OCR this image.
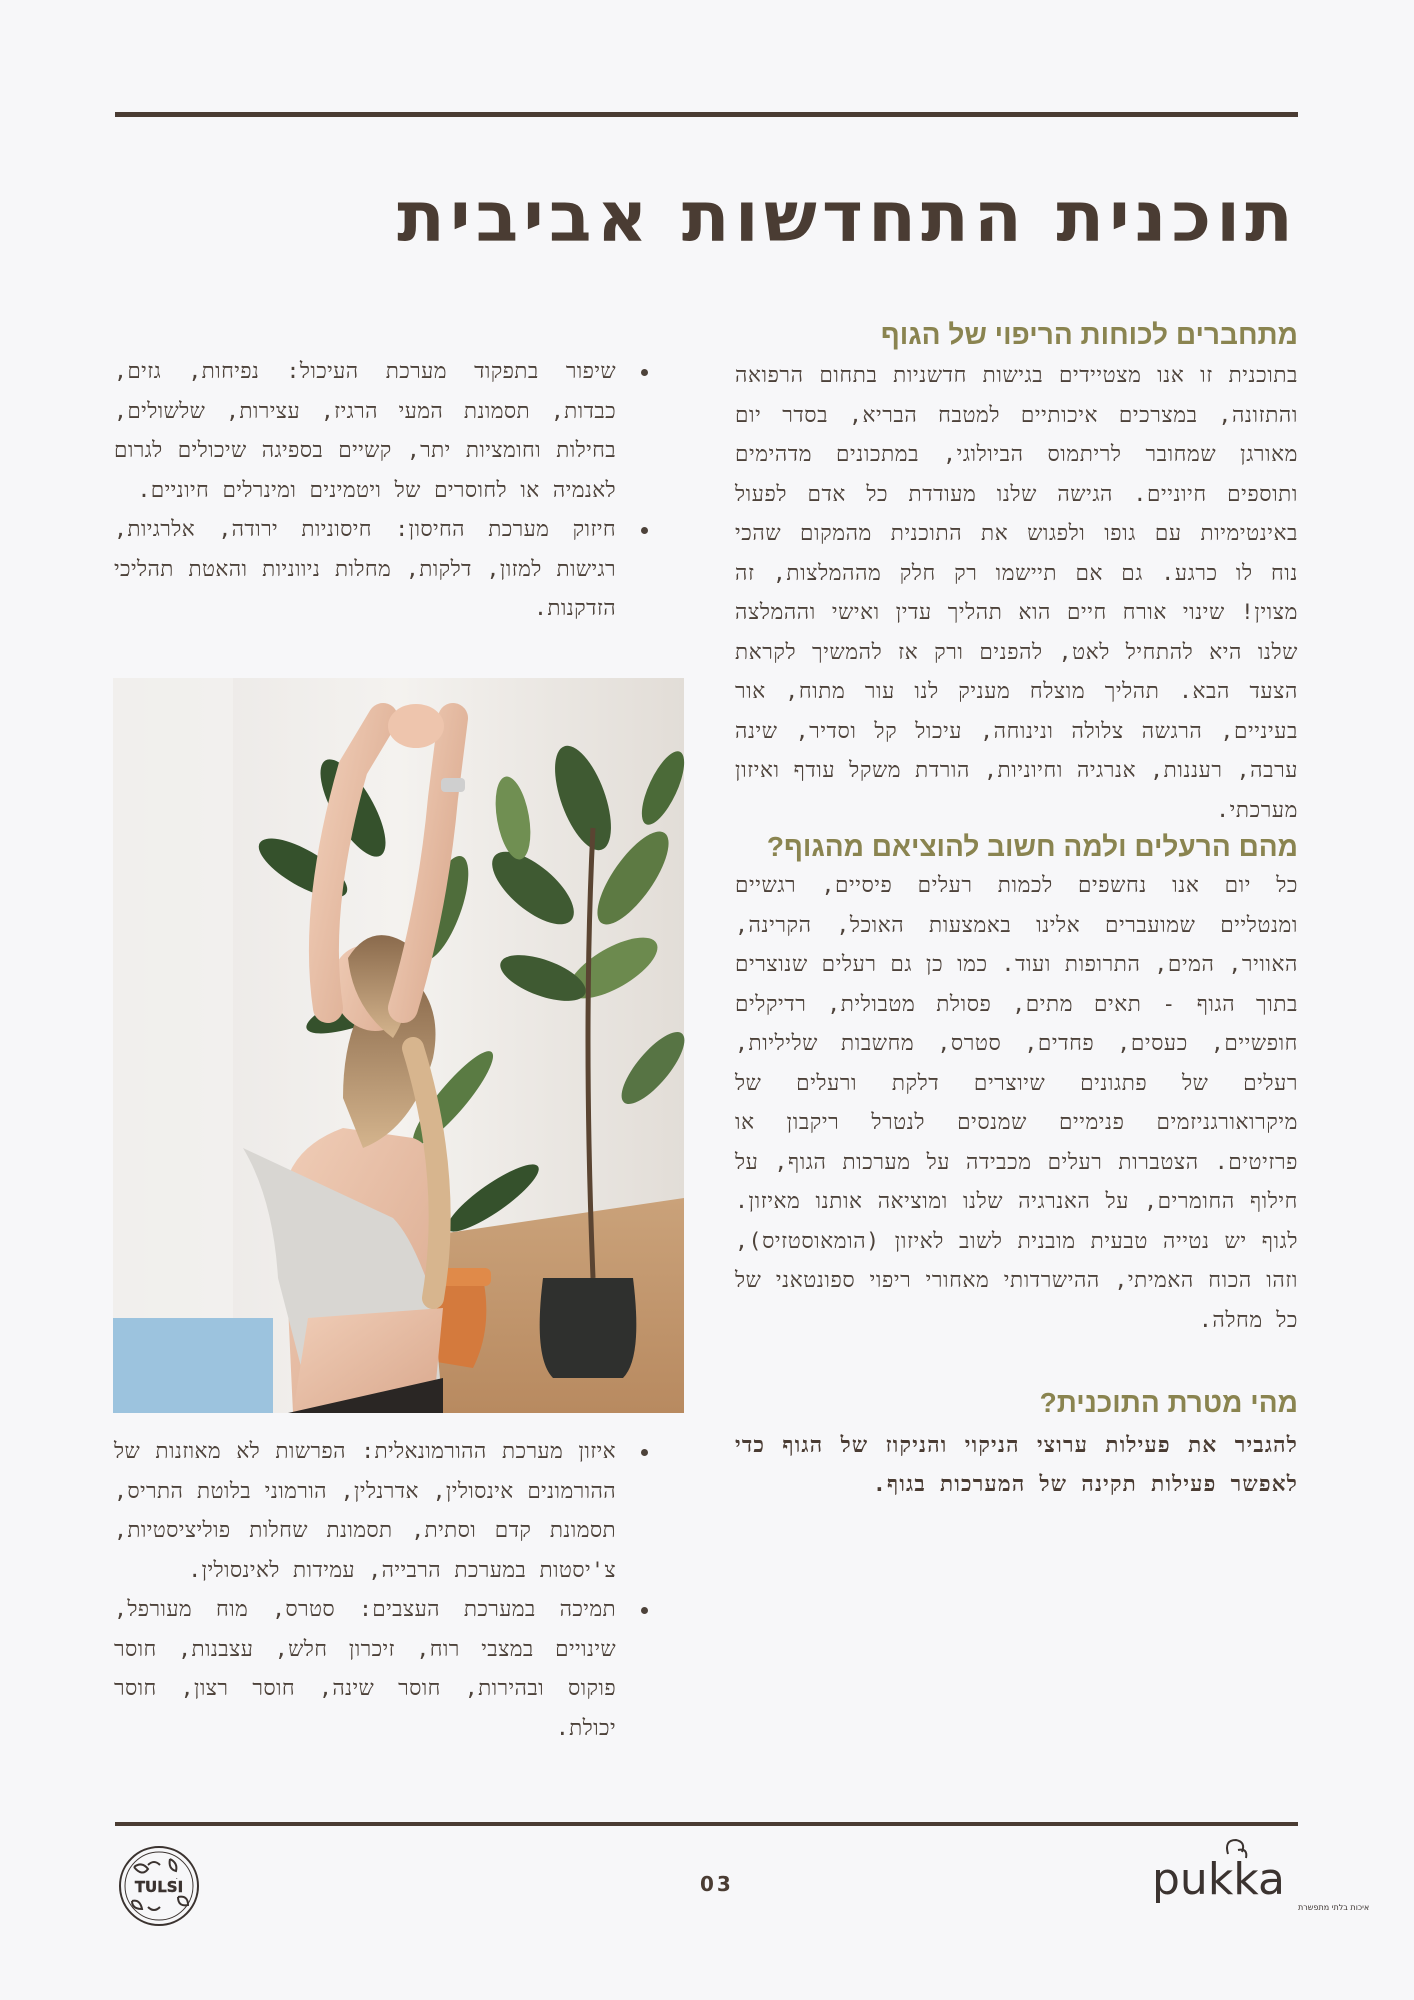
תוכנית התחדשות אביבית
מתחברים לכוחות הריפוי של הגוף

בתוכנית זו אנו מצטיידים בגישות חדשניות בתחום הרפואה והתזונה, במצרכים איכותיים למטבח הבריא, בסדר יום מאורגן שמחובר לריתמוס הביולוגי, במתכונים מדהימים ותוספים חיוניים. הגישה שלנו מעודדת כל אדם לפעול באינטימיות עם גופו ולפגוש את התוכנית מהמקום שהכי נוח לו כרגע. גם אם תיישמו רק חלק מההמלצות, זה מצוין! שינוי אורח חיים הוא תהליך עדין ואישי וההמלצה שלנו היא להתחיל לאט, להפנים ורק אז להמשיך לקראת הצעד הבא. תהליך מוצלח מעניק לנו עור מתוח, אור בעיניים, הרגשה צלולה ונינוחה, עיכול קל וסדיר, שינה ערבה, רעננות, אנרגיה וחיוניות, הורדת משקל עודף ואיזון מערכתי.

מהם הרעלים ולמה חשוב להוציאם מהגוף?

כל יום אנו נחשפים לכמות רעלים פיסיים, רגשיים ומנטליים שמועברים אלינו באמצעות האוכל, הקרינה, האוויר, המים, התרופות ועוד. כמו כן גם רעלים שנוצרים בתוך הגוף - תאים מתים, פסולת מטבולית, רדיקלים חופשיים, כעסים, פחדים, סטרס, מחשבות שליליות, רעלים של פתגונים שיוצרים דלקת ורעלים של מיקרואורגניזמים פנימיים שמנסים לנטרל ריקבון או פרזיטים. הצטברות רעלים מכבידה על מערכות הגוף, על חילוף החומרים, על האנרגיה שלנו ומוציאה אותנו מאיזון. לגוף יש נטייה טבעית מובנית לשוב לאיזון (הומאוסטזיס), וזהו הכוח האמיתי, ההישרדותי מאחורי ריפוי ספונטאני של כל מחלה.

מהי מטרת התוכנית?

להגביר את פעילות ערוצי הניקוי והניקוז של הגוף כדי לאפשר פעילות תקינה של המערכות בגוף.

שיפור בתפקוד מערכת העיכול: נפיחות, גזים, כבדות, תסמונת המעי הרגיז, עצירות, שלשולים, בחילות וחומציות יתר, קשיים בספיגה שיכולים לגרום לאנמיה או לחוסרים של ויטמינים ומינרלים חיוניים.
חיזוק מערכת החיסון: חיסוניות ירודה, אלרגיות, רגישות למזון, דלקות, מחלות ניווניות והאטת תהליכי הזדקנות.
איזון מערכת ההורמונאלית: הפרשות לא מאוזנות של ההורמונים אינסולין, אדרנלין, הורמוני בלוטת התריס, תסמונת קדם וסתית, תסמונת שחלות פוליציסטיות, צ'יסטות במערכת הרבייה, עמידות לאינסולין.
תמיכה במערכת העצבים: סטרס, מוח מעורפל, שינויים במצבי רוח, זיכרון חלש, עצבנות, חוסר פוקוס ובהירות, חוסר שינה, חוסר רצון, חוסר יכולת.
TULSI	03	pukka
איכות בלתי מתפשרת
